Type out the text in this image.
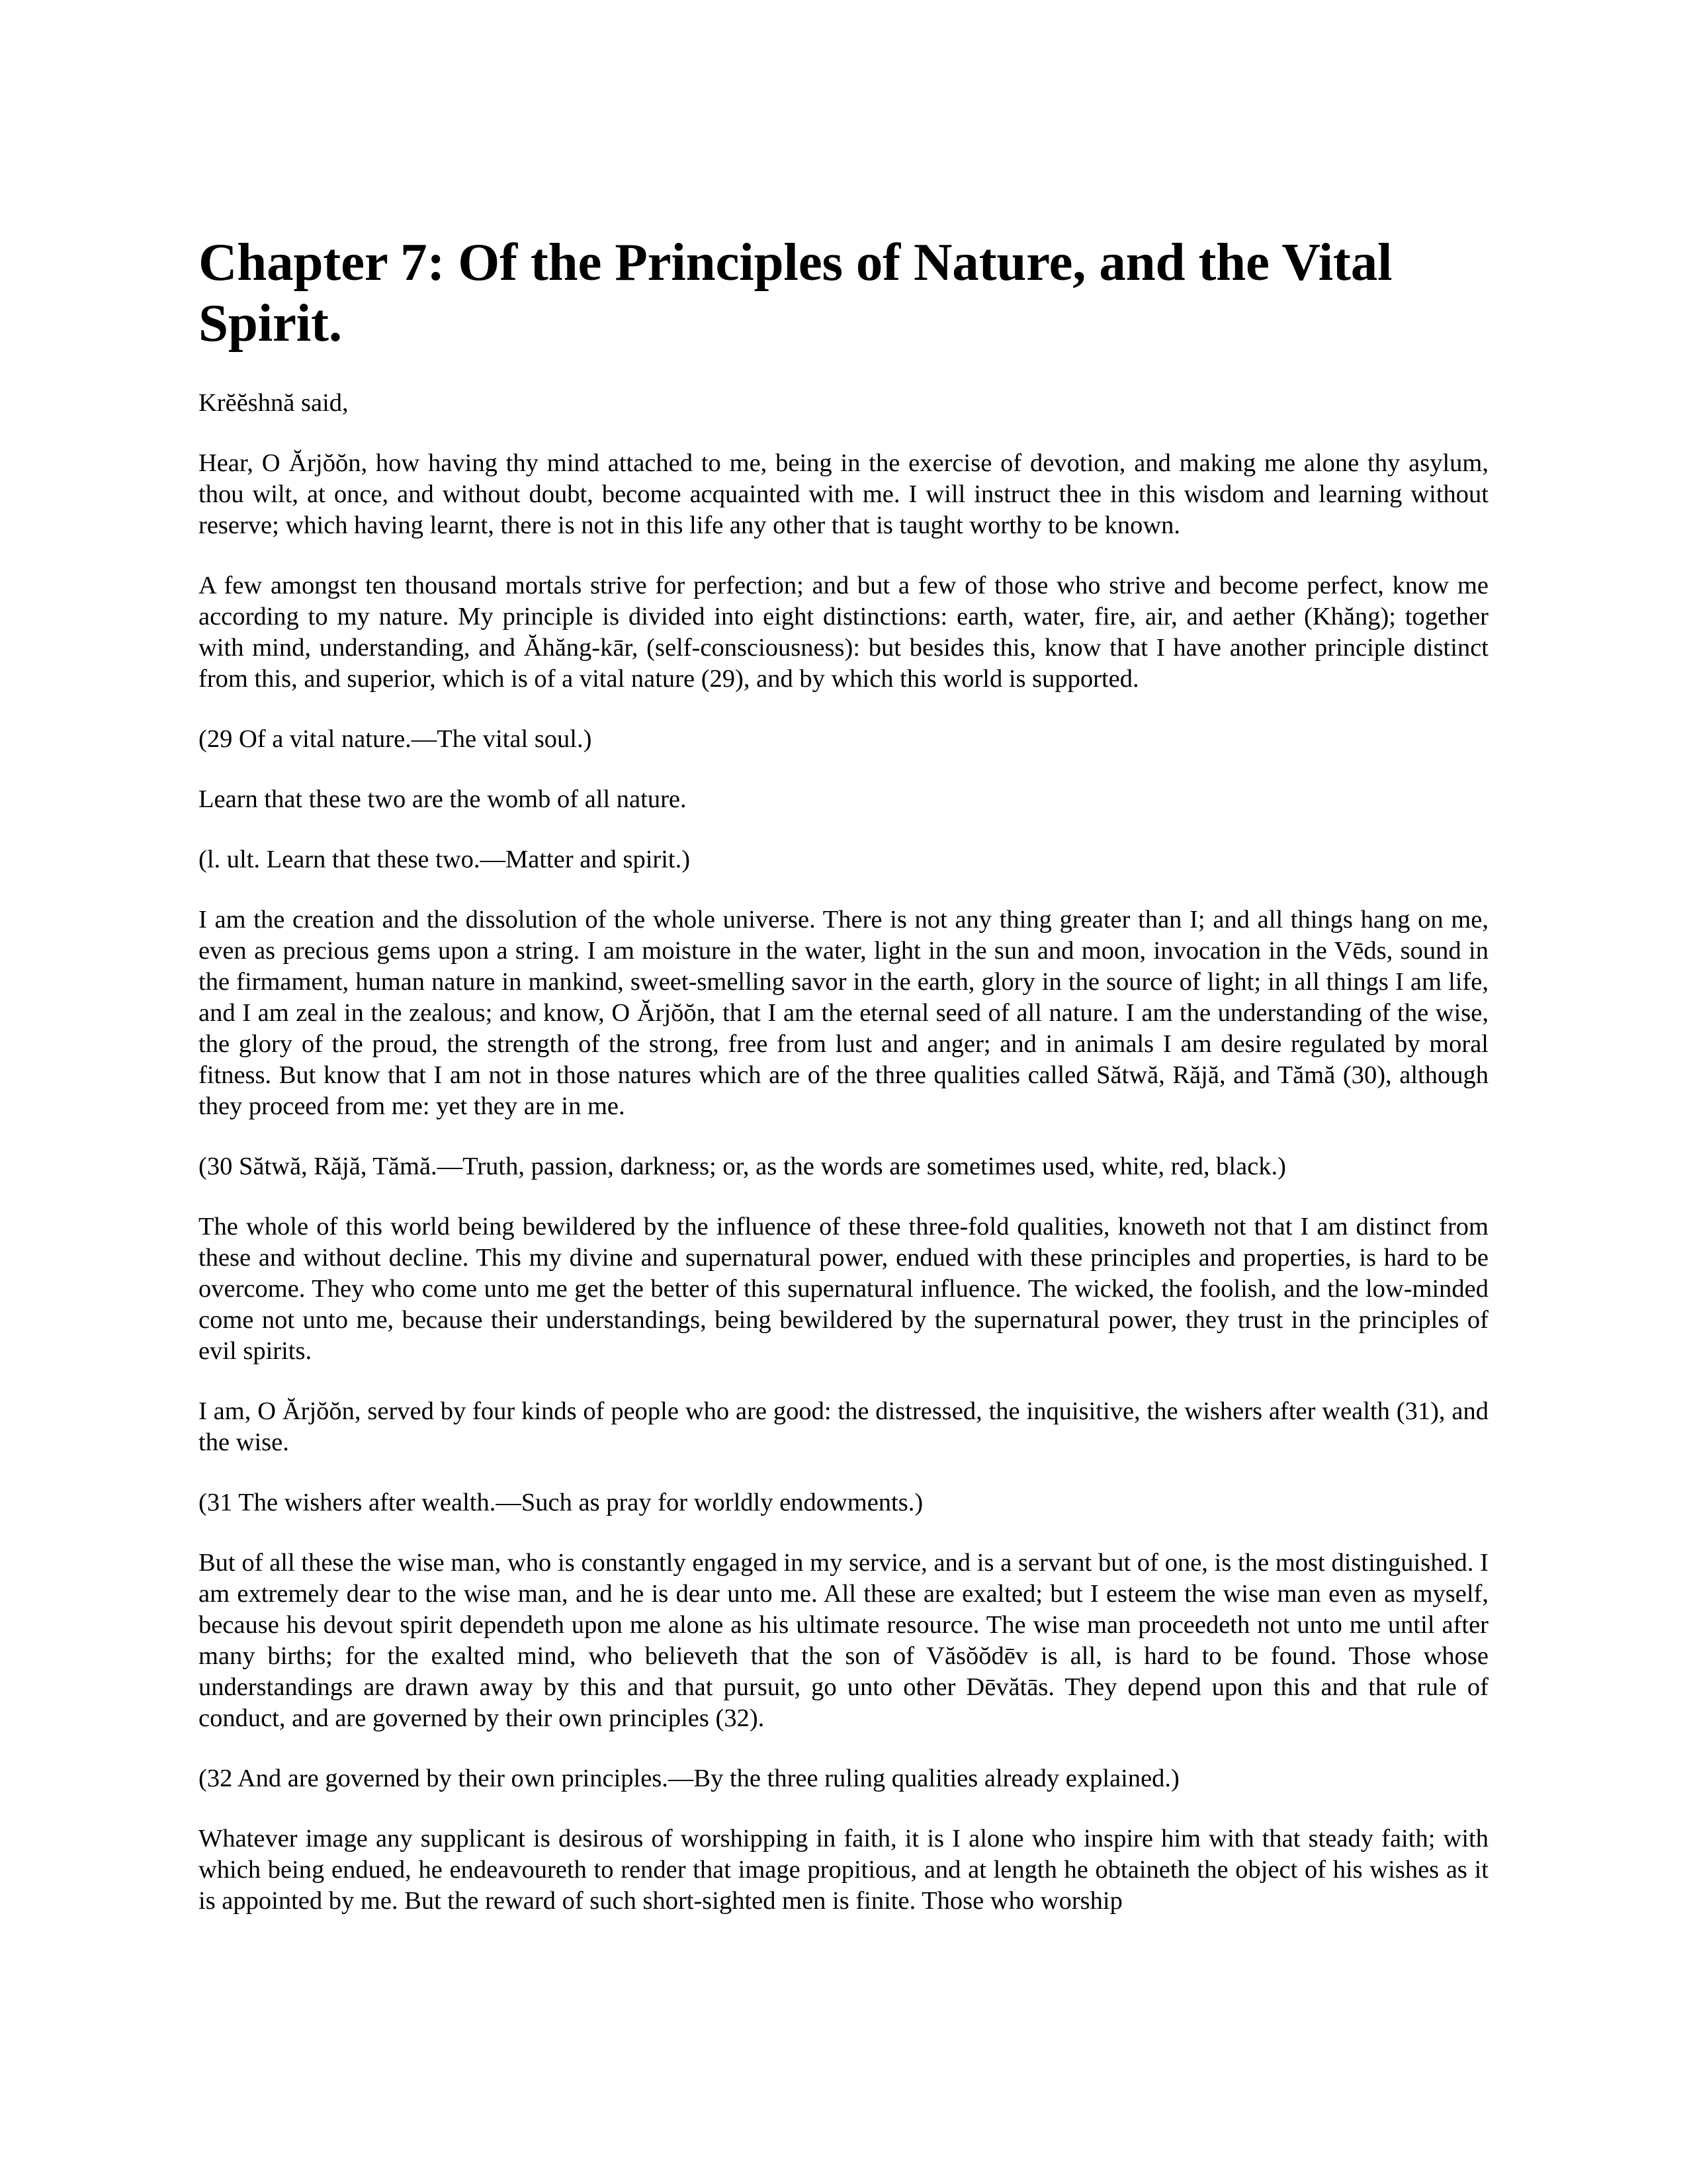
Chapter 7: Of the Principles of Nature, and the Vital Spirit.

Krĕĕshnă said,

Hear, O Ărjŏŏn, how having thy mind attached to me, being in the exercise of devotion, and making me alone thy asylum, thou wilt, at once, and without doubt, become acquainted with me. I will instruct thee in this wisdom and learning without reserve; which having learnt, there is not in this life any other that is taught worthy to be known.

A few amongst ten thousand mortals strive for perfection; and but a few of those who strive and become perfect, know me according to my nature. My principle is divided into eight distinctions: earth, water, fire, air, and aether (Khăng); together with mind, understanding, and Ăhăng-kār, (self-consciousness): but besides this, know that I have another principle distinct from this, and superior, which is of a vital nature (29), and by which this world is supported.

(29 Of a vital nature.—The vital soul.)

Learn that these two are the womb of all nature.

(l. ult. Learn that these two.—Matter and spirit.)

I am the creation and the dissolution of the whole universe. There is not any thing greater than I; and all things hang on me, even as precious gems upon a string. I am moisture in the water, light in the sun and moon, invocation in the Vēds, sound in the firmament, human nature in mankind, sweet-smelling savor in the earth, glory in the source of light; in all things I am life, and I am zeal in the zealous; and know, O Ărjŏŏn, that I am the eternal seed of all nature. I am the understanding of the wise, the glory of the proud, the strength of the strong, free from lust and anger; and in animals I am desire regulated by moral fitness. But know that I am not in those natures which are of the three qualities called Sătwă, Răjă, and Tămă (30), although they proceed from me: yet they are in me.

(30 Sătwă, Răjă, Tămă.—Truth, passion, darkness; or, as the words are sometimes used, white, red, black.)

The whole of this world being bewildered by the influence of these three-fold qualities, knoweth not that I am distinct from these and without decline. This my divine and supernatural power, endued with these principles and properties, is hard to be overcome. They who come unto me get the better of this supernatural influence. The wicked, the foolish, and the low-minded come not unto me, because their understandings, being bewildered by the supernatural power, they trust in the principles of evil spirits.

I am, O Ărjŏŏn, served by four kinds of people who are good: the distressed, the inquisitive, the wishers after wealth (31), and the wise.

(31 The wishers after wealth.—Such as pray for worldly endowments.)

But of all these the wise man, who is constantly engaged in my service, and is a servant but of one, is the most distinguished. I am extremely dear to the wise man, and he is dear unto me. All these are exalted; but I esteem the wise man even as myself, because his devout spirit dependeth upon me alone as his ultimate resource. The wise man proceedeth not unto me until after many births; for the exalted mind, who believeth that the son of Văsŏŏdēv is all, is hard to be found. Those whose understandings are drawn away by this and that pursuit, go unto other Dēvătās. They depend upon this and that rule of conduct, and are governed by their own principles (32).

(32 And are governed by their own principles.—By the three ruling qualities already explained.)

Whatever image any supplicant is desirous of worshipping in faith, it is I alone who inspire him with that steady faith; with which being endued, he endeavoureth to render that image propitious, and at length he obtaineth the object of his wishes as it is appointed by me. But the reward of such short-sighted men is finite. Those who worship
